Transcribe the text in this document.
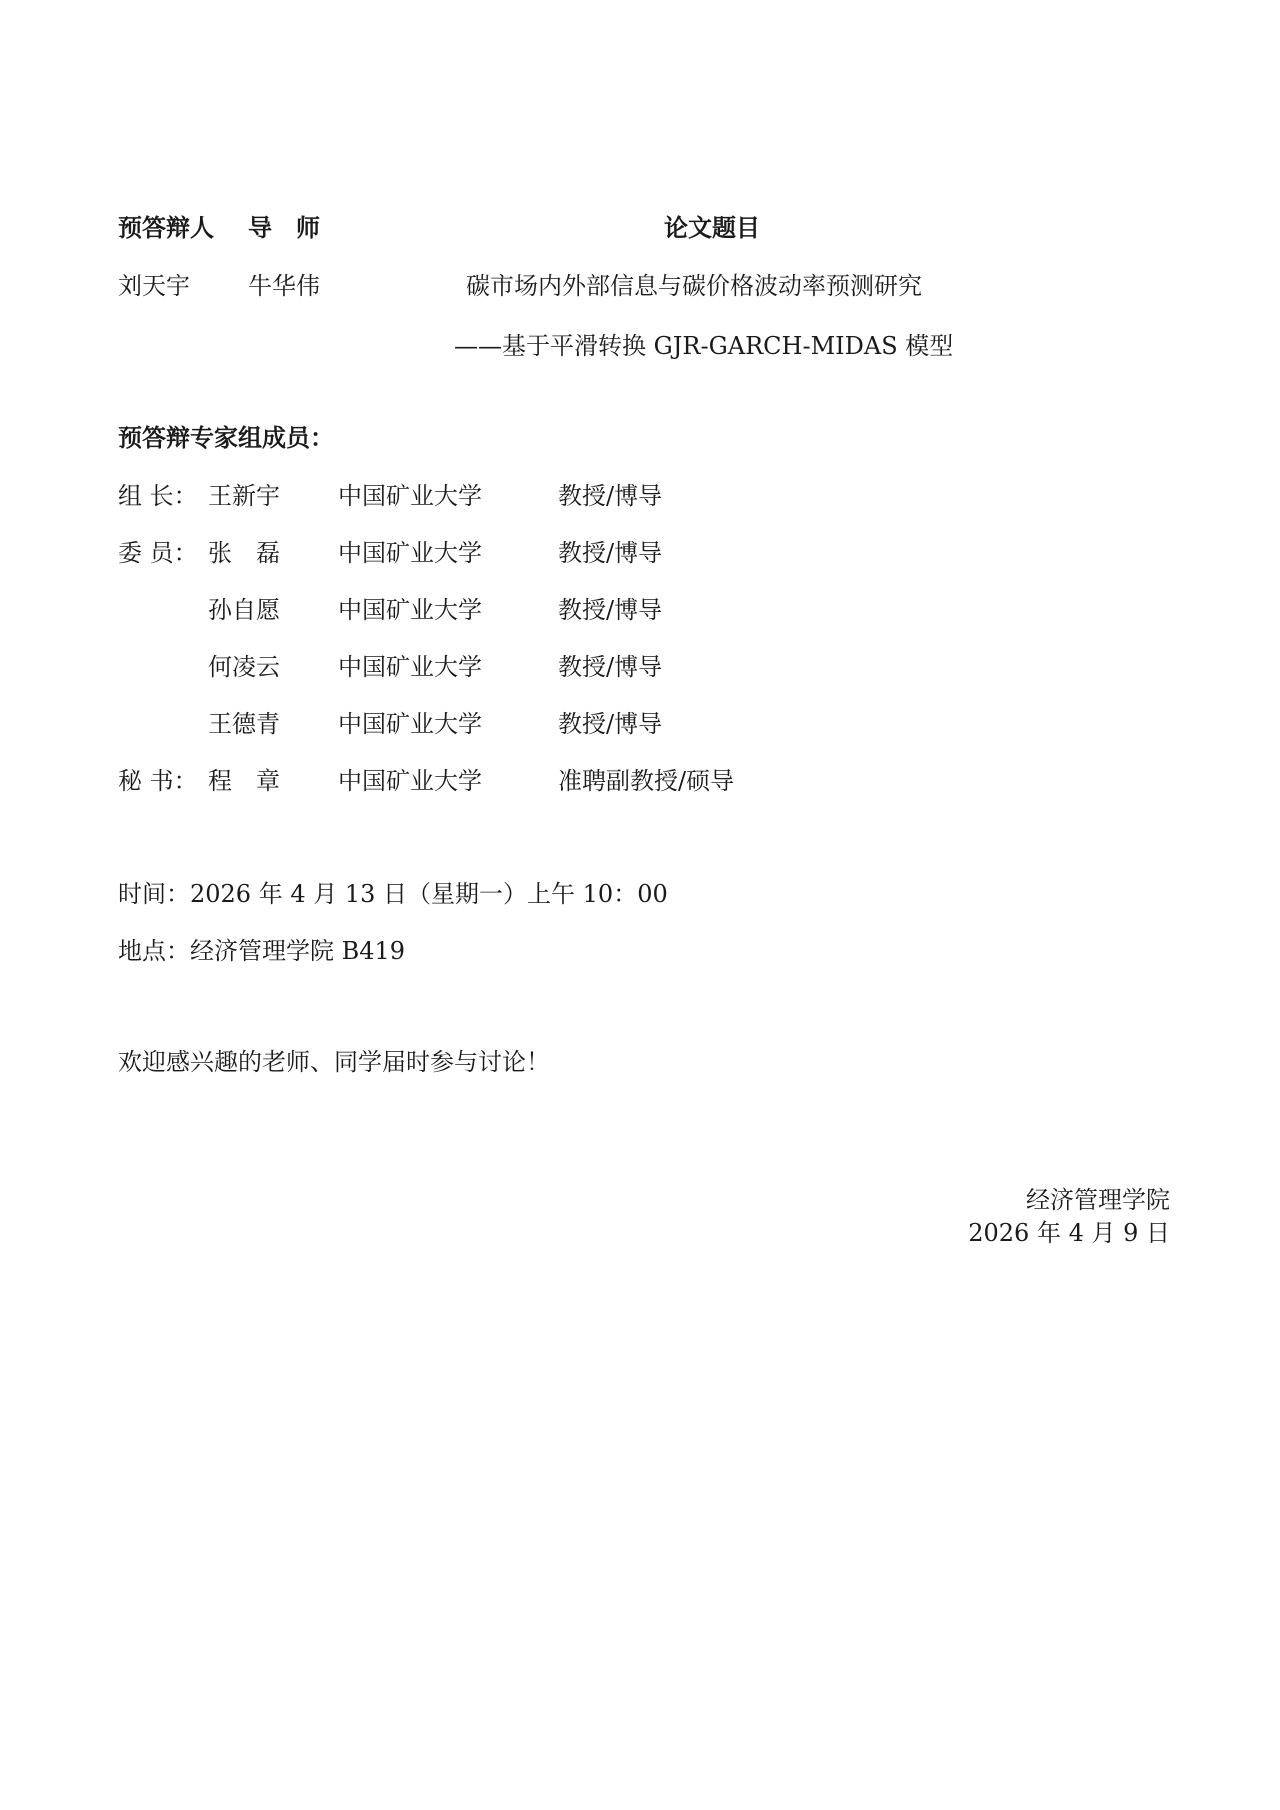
预答辩人 导　师	论文题目
刘天宇 牛华伟	碳市场内外部信息与碳价格波动率预测研究
——基于平滑转换 GJR-GARCH-MIDAS 模型
预答辩专家组成员：
组 长： 王新宇 中国矿业大学	教授/博导
委 员： 张　磊 中国矿业大学	教授/博导
孙自愿 中国矿业大学	教授/博导
何凌云 中国矿业大学	教授/博导
王德青 中国矿业大学	教授/博导
秘 书： 程　章 中国矿业大学	准聘副教授/硕导
时间：2026 年 4 月 13 日（星期一）上午 10：00
地点：经济管理学院 B419
欢迎感兴趣的老师、同学届时参与讨论！
经济管理学院
2026 年 4 月 9 日
